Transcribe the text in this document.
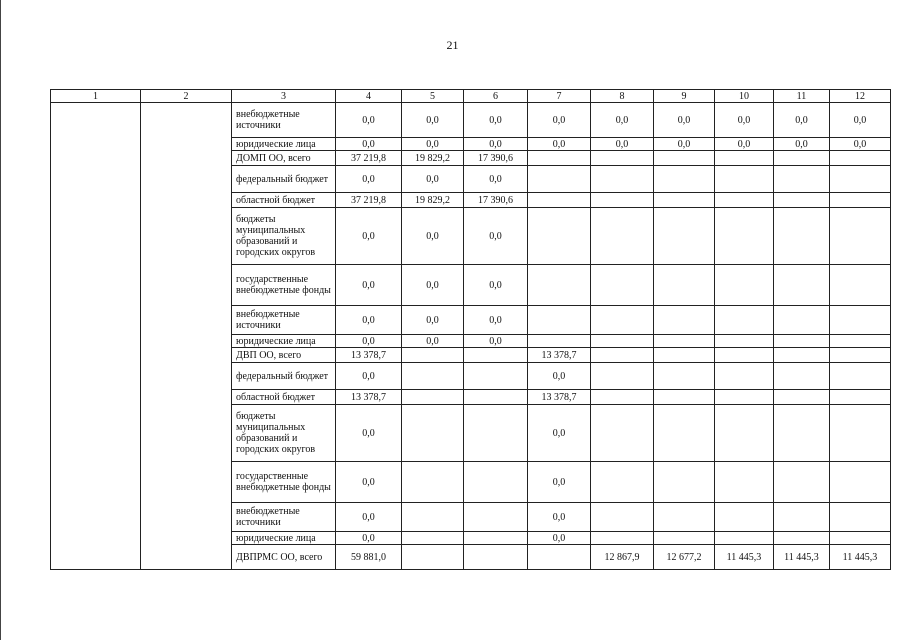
21
1	2	3	4	5	6	7	8	9	10	11	12
		внебюджетные источники	0,0	0,0	0,0	0,0	0,0	0,0	0,0	0,0	0,0
		юридические лица	0,0	0,0	0,0	0,0	0,0	0,0	0,0	0,0	0,0
		ДОМП ОО, всего	37 219,8	19 829,2	17 390,6						
		федеральный бюджет	0,0	0,0	0,0						
		областной бюджет	37 219,8	19 829,2	17 390,6						
		бюджеты муниципальных образований и городских округов	0,0	0,0	0,0						
		государственные внебюджетные фонды	0,0	0,0	0,0						
		внебюджетные источники	0,0	0,0	0,0						
		юридические лица	0,0	0,0	0,0						
		ДВП ОО, всего	13 378,7			13 378,7					
		федеральный бюджет	0,0			0,0					
		областной бюджет	13 378,7			13 378,7					
		бюджеты муниципальных образований и городских округов	0,0			0,0					
		государственные внебюджетные фонды	0,0			0,0					
		внебюджетные источники	0,0			0,0					
		юридические лица	0,0			0,0					
		ДВПРМС ОО, всего	59 881,0				12 867,9	12 677,2	11 445,3	11 445,3	11 445,3
